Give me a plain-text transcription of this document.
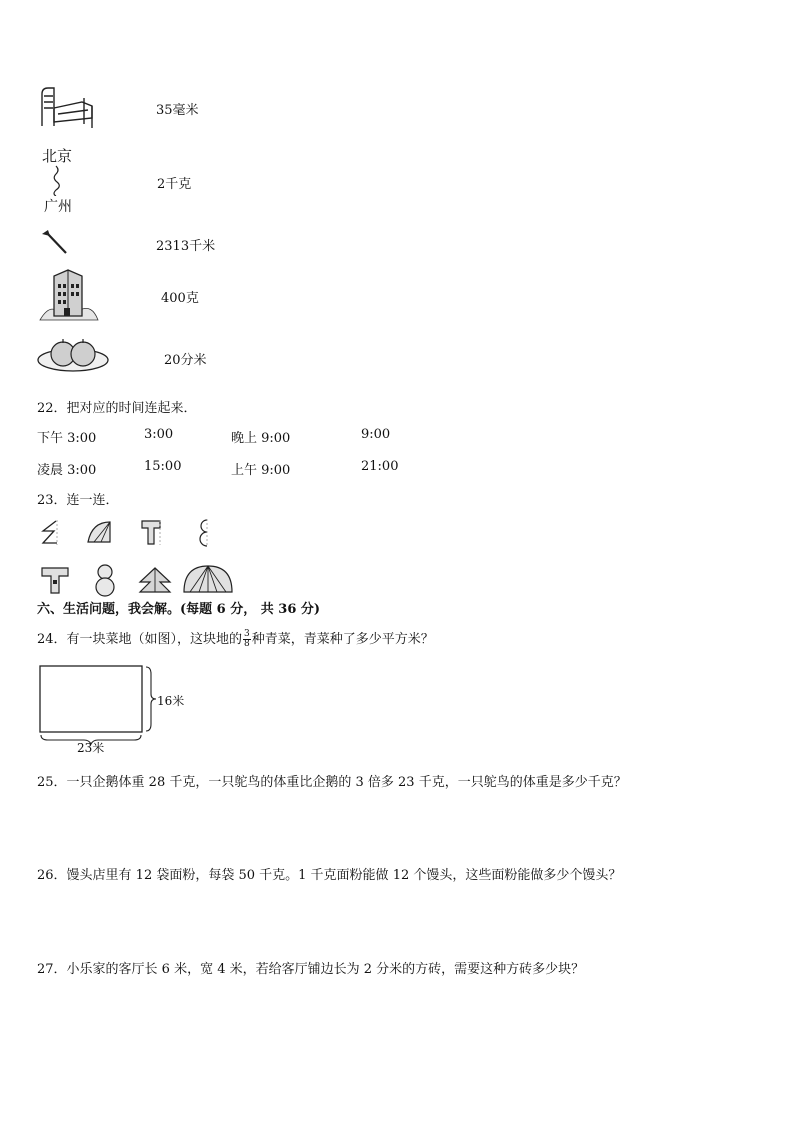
35毫米
北京
广州
2千克
2313千米
400克
20分米
22．把对应的时间连起来．
下午 3:00	3:00	晚上 9:00	9:00
凌晨 3:00	15:00	上午 9:00	21:00
23．连一连．
六、生活问题，我会解。(每题 6 分， 共 36 分)
24．有一块菜地（如图），这块地的 $\frac{3}{8}$ 种青菜，青菜种了多少平方米？
16米
23米
25．一只企鹅体重 28 千克，一只鸵鸟的体重比企鹅的 3 倍多 23 千克，一只鸵鸟的体重是多少千克？
26．馒头店里有 12 袋面粉，每袋 50 千克。1 千克面粉能做 12 个馒头，这些面粉能做多少个馒头？
27．小乐家的客厅长 6 米，宽 4 米，若给客厅铺边长为 2 分米的方砖，需要这种方砖多少块？
